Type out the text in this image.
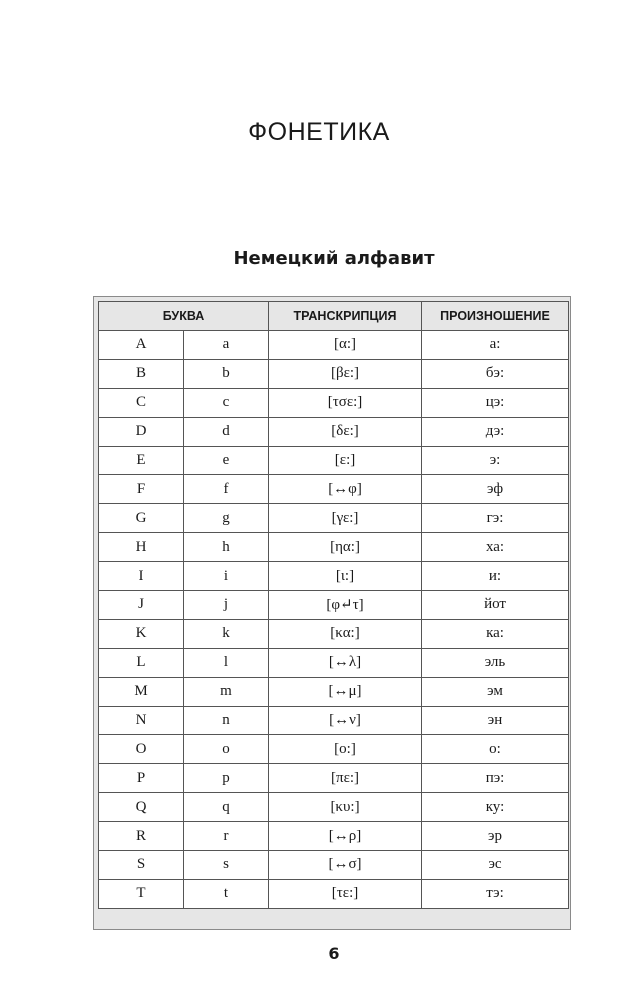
ФОНЕТИКА
Немецкий алфавит
БУКВА		ТРАНСКРИПЦИЯ	ПРОИЗНОШЕНИЕ
A	a	[α:]	а:
B	b	[βε:]	бэ:
C	c	[τσε:]	цэ:
D	d	[δε:]	дэ:
E	e	[ε:]	э:
F	f	[↔φ]	эф
G	g	[γε:]	гэ:
H	h	[ηα:]	ха:
I	i	[ι:]	и:
J	j	[φ↵τ]	йот
K	k	[κα:]	ка:
L	l	[↔λ]	эль
M	m	[↔μ]	эм
N	n	[↔ν]	эн
O	o	[ο:]	о:
P	p	[πε:]	пэ:
Q	q	[κυ:]	ку:
R	r	[↔ρ]	эр
S	s	[↔σ]	эс
T	t	[τε:]	тэ:
6
